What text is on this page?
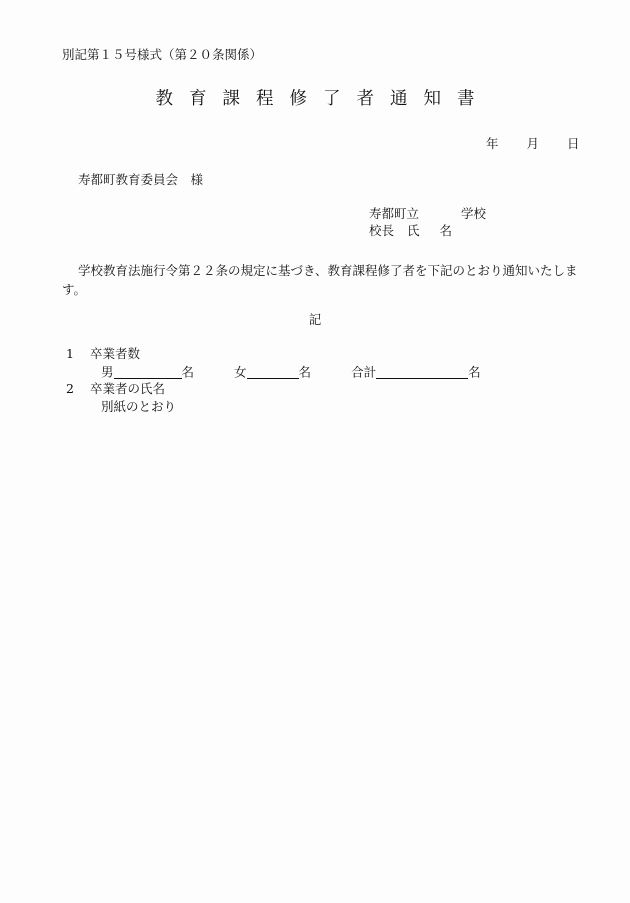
別記第１５号様式（第２０条関係）
教 育 課 程 修 了 者 通 知 書
年 月 日
寿都町教育委員会　様
寿都町立	学校
校長 氏 名
学校教育法施行令第２２条の規定に基づき、教育課程修了者を下記のとおり通知いたします。
記
1 卒業者数
男	名	女	名	合計	名
2 卒業者の氏名
別紙のとおり
